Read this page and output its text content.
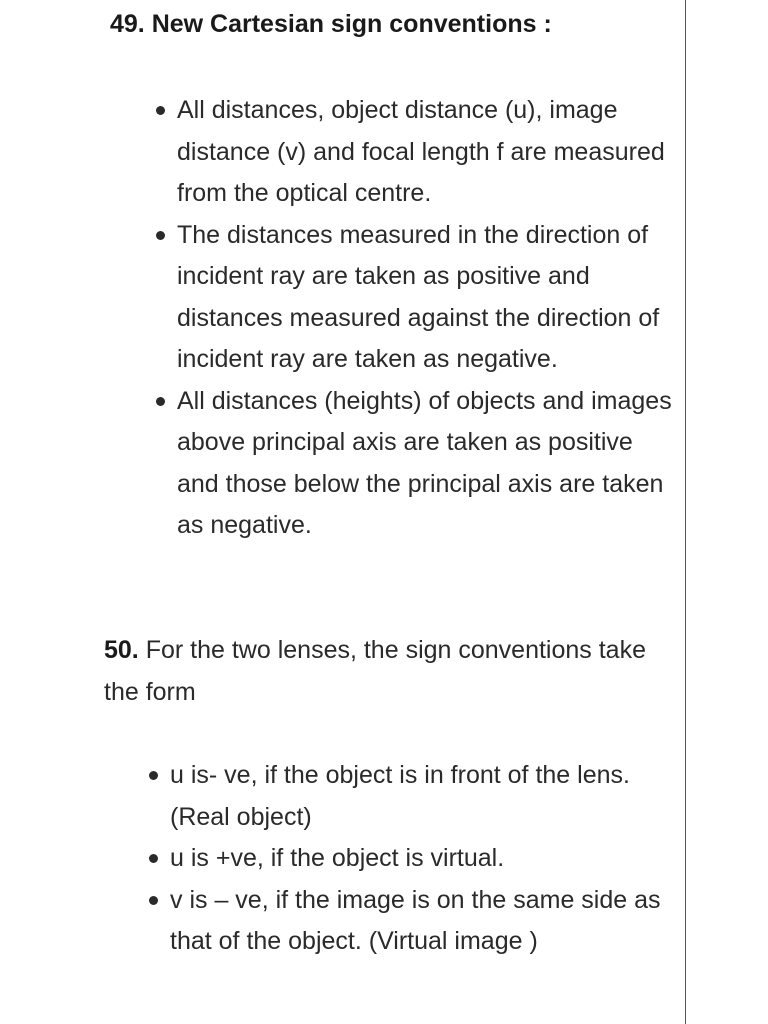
49. New Cartesian sign conventions :
All distances, object distance (u), image distance (v) and focal length f are measured from the optical centre.
The distances measured in the direction of incident ray are taken as positive and distances measured against the direction of incident ray are taken as negative.
All distances (heights) of objects and images above principal axis are taken as positive and those below the principal axis are taken as negative.
50. For the two lenses, the sign conventions take the form
u is- ve, if the object is in front of the lens. (Real object)
u is +ve, if the object is virtual.
v is – ve, if the image is on the same side as that of the object. (Virtual image )
